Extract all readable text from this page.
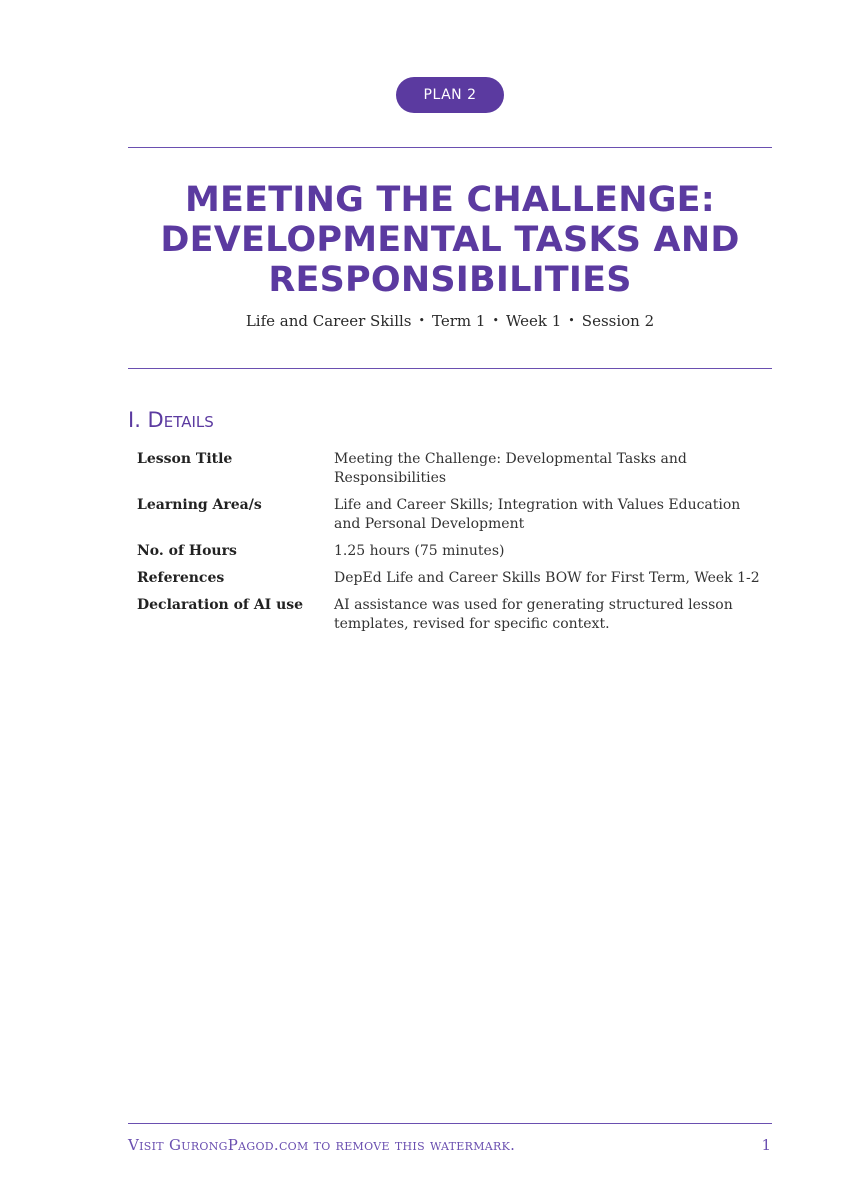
PLAN 2
MEETING THE CHALLENGE:
DEVELOPMENTAL TASKS AND
RESPONSIBILITIES
Life and Career Skills • Term 1 • Week 1 • Session 2
I. Details
Lesson Title	Meeting the Challenge: Developmental Tasks and Responsibilities
Learning Area/s	Life and Career Skills; Integration with Values Education and Personal Development
No. of Hours	1.25 hours (75 minutes)
References	DepEd Life and Career Skills BOW for First Term, Week 1-2
Declaration of AI use	AI assistance was used for generating structured lesson templates, revised for specific context.
Visit GurongPagod.com to remove this watermark.	1
